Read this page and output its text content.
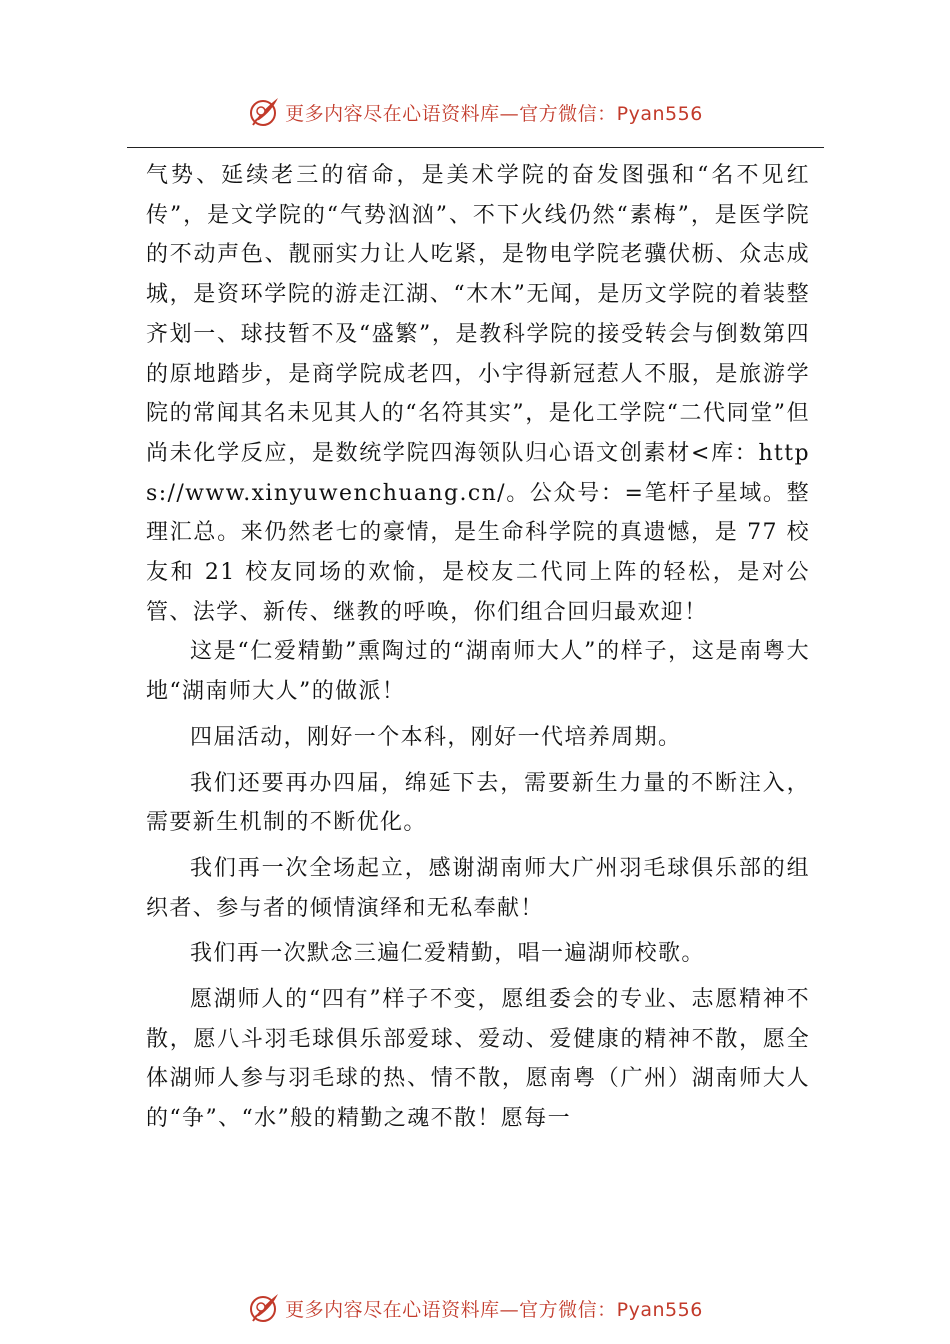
更多内容尽在心语资料库—官方微信：Pyan556

气势、延续老三的宿命，是美术学院的奋发图强和“名不见红传”，是文学院的“气势汹汹”、不下火线仍然“素梅”，是医学院的不动声色、靓丽实力让人吃紧，是物电学院老骥伏枥、众志成城，是资环学院的游走江湖、“木木”无闻，是历文学院的着装整齐划一、球技暂不及“盛繁”，是教科学院的接受转会与倒数第四的原地踏步，是商学院成老四，小宇得新冠惹人不服，是旅游学院的常闻其名未见其人的“名符其实”，是化工学院“二代同堂”但尚未化学反应，是数统学院四海领队归心语文创素材<库：https://www.xinyuwenchuang.cn/。公众号：=笔杆子星域。整理汇总。来仍然老七的豪情，是生命科学院的真遗憾，是 77 校友和 21 校友同场的欢愉，是校友二代同上阵的轻松，是对公管、法学、新传、继教的呼唤，你们组合回归最欢迎！

这是“仁爱精勤”熏陶过的“湖南师大人”的样子，这是南粤大地“湖南师大人”的做派！

四届活动，刚好一个本科，刚好一代培养周期。

我们还要再办四届，绵延下去，需要新生力量的不断注入，需要新生机制的不断优化。

我们再一次全场起立，感谢湖南师大广州羽毛球俱乐部的组织者、参与者的倾情演绎和无私奉献！

我们再一次默念三遍仁爱精勤，唱一遍湖师校歌。

愿湖师人的“四有”样子不变，愿组委会的专业、志愿精神不散，愿八斗羽毛球俱乐部爱球、爱动、爱健康的精神不散，愿全体湖师人参与羽毛球的热、情不散，愿南粤（广州）湖南师大人的“争”、“水”般的精勤之魂不散！愿每一

更多内容尽在心语资料库—官方微信：Pyan556
